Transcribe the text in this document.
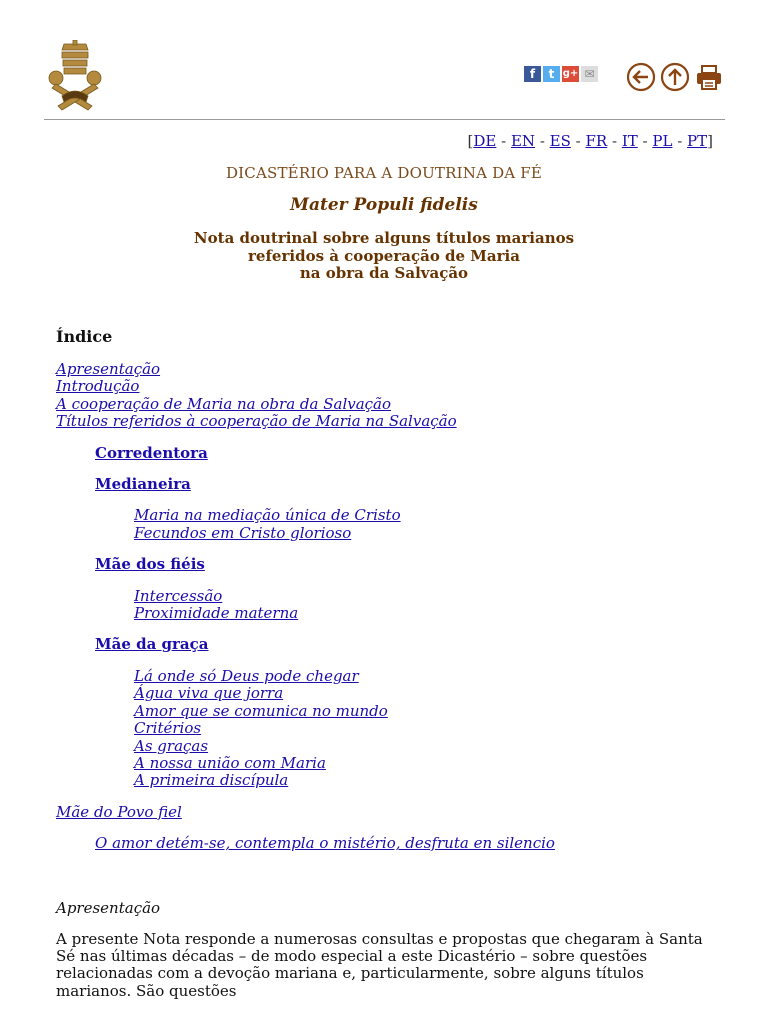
f	t g+ ✉
[DE - EN - ES - FR - IT - PL - PT]
DICASTÉRIO PARA A DOUTRINA DA FÉ
Mater Populi fidelis
Nota doutrinal sobre alguns títulos marianos
referidos à cooperação de Maria
na obra da Salvação
Índice
Apresentação
Introdução
A cooperação de Maria na obra da Salvação
Títulos referidos à cooperação de Maria na Salvação
Corredentora
Medianeira
Maria na mediação única de Cristo
Fecundos em Cristo glorioso
Mãe dos fiéis
Intercessão
Proximidade materna
Mãe da graça
Lá onde só Deus pode chegar
Água viva que jorra
Amor que se comunica no mundo
Critérios
As graças
A nossa união com Maria
A primeira discípula
Mãe do Povo fiel
O amor detém-se, contempla o mistério, desfruta en silencio
Apresentação
A presente Nota responde a numerosas consultas e propostas que chegaram à Santa Sé nas últimas décadas – de modo especial a este Dicastério – sobre questões relacionadas com a devoção mariana e, particularmente, sobre alguns títulos marianos. São questões
